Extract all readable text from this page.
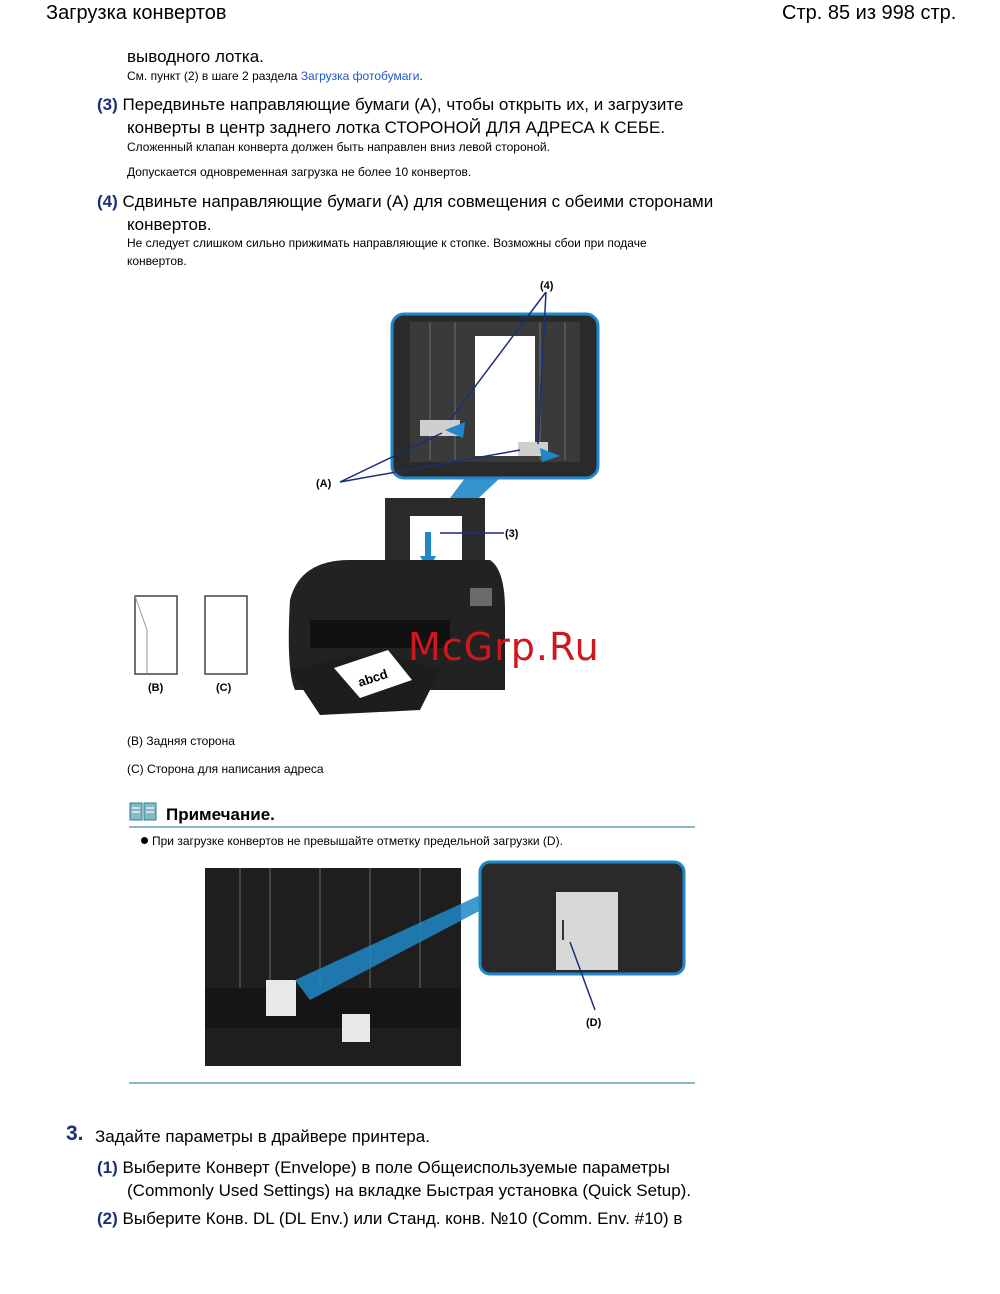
Загрузка конвертов	Стр. 85 из 998 стр.
выводного лотка.
См. пункт (2) в шаге 2 раздела Загрузка фотобумаги.
(3) Передвиньте направляющие бумаги (A), чтобы открыть их, и загрузите
конверты в центр заднего лотка СТОРОНОЙ ДЛЯ АДРЕСА К СЕБЕ.
Сложенный клапан конверта должен быть направлен вниз левой стороной.
Допускается одновременная загрузка не более 10 конвертов.
(4) Сдвиньте направляющие бумаги (A) для совмещения с обеими сторонами
конвертов.
Не следует слишком сильно прижимать направляющие к стопке. Возможны сбои при подаче
конвертов.
(4)
(A)
abcd
(3)
(B)	(C)
McGrp.Ru
(B) Задняя сторона
(C) Сторона для написания адреса
Примечание.
При загрузке конвертов не превышайте отметку предельной загрузки (D).
(D)
3. Задайте параметры в драйвере принтера.
(1) Выберите Конверт (Envelope) в поле Общеиспользуемые параметры
(Commonly Used Settings) на вкладке Быстрая установка (Quick Setup).
(2) Выберите Конв. DL (DL Env.) или Станд. конв. №10 (Comm. Env. #10) в
